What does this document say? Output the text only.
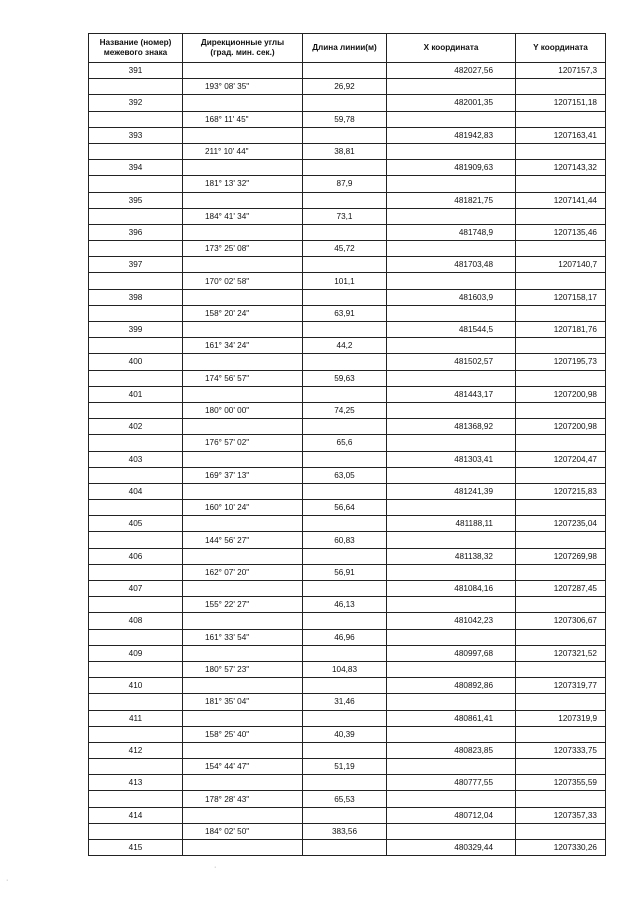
Название (номер)
межевого знака	Дирекционные углы
(град. мин. сек.)	Длина линии(м)	X координата	Y координата
391			482027,56	1207157,3
	193° 08' 35"	26,92		
392			482001,35	1207151,18
	168° 11' 45"	59,78		
393			481942,83	1207163,41
	211° 10' 44"	38,81		
394			481909,63	1207143,32
	181° 13' 32"	87,9		
395			481821,75	1207141,44
	184° 41' 34"	73,1		
396			481748,9	1207135,46
	173° 25' 08"	45,72		
397			481703,48	1207140,7
	170° 02' 58"	101,1		
398			481603,9	1207158,17
	158° 20' 24"	63,91		
399			481544,5	1207181,76
	161° 34' 24"	44,2		
400			481502,57	1207195,73
	174° 56' 57"	59,63		
401			481443,17	1207200,98
	180° 00' 00"	74,25		
402			481368,92	1207200,98
	176° 57' 02"	65,6		
403			481303,41	1207204,47
	169° 37' 13"	63,05		
404			481241,39	1207215,83
	160° 10' 24"	56,64		
405			481188,11	1207235,04
	144° 56' 27"	60,83		
406			481138,32	1207269,98
	162° 07' 20"	56,91		
407			481084,16	1207287,45
	155° 22' 27"	46,13		
408			481042,23	1207306,67
	161° 33' 54"	46,96		
409			480997,68	1207321,52
	180° 57' 23"	104,83		
410			480892,86	1207319,77
	181° 35' 04"	31,46		
411			480861,41	1207319,9
	158° 25' 40"	40,39		
412			480823,85	1207333,75
	154° 44' 47"	51,19		
413			480777,55	1207355,59
	178° 28' 43"	65,53		
414			480712,04	1207357,33
	184° 02' 50"	383,56		
415			480329,44	1207330,26
·
·
